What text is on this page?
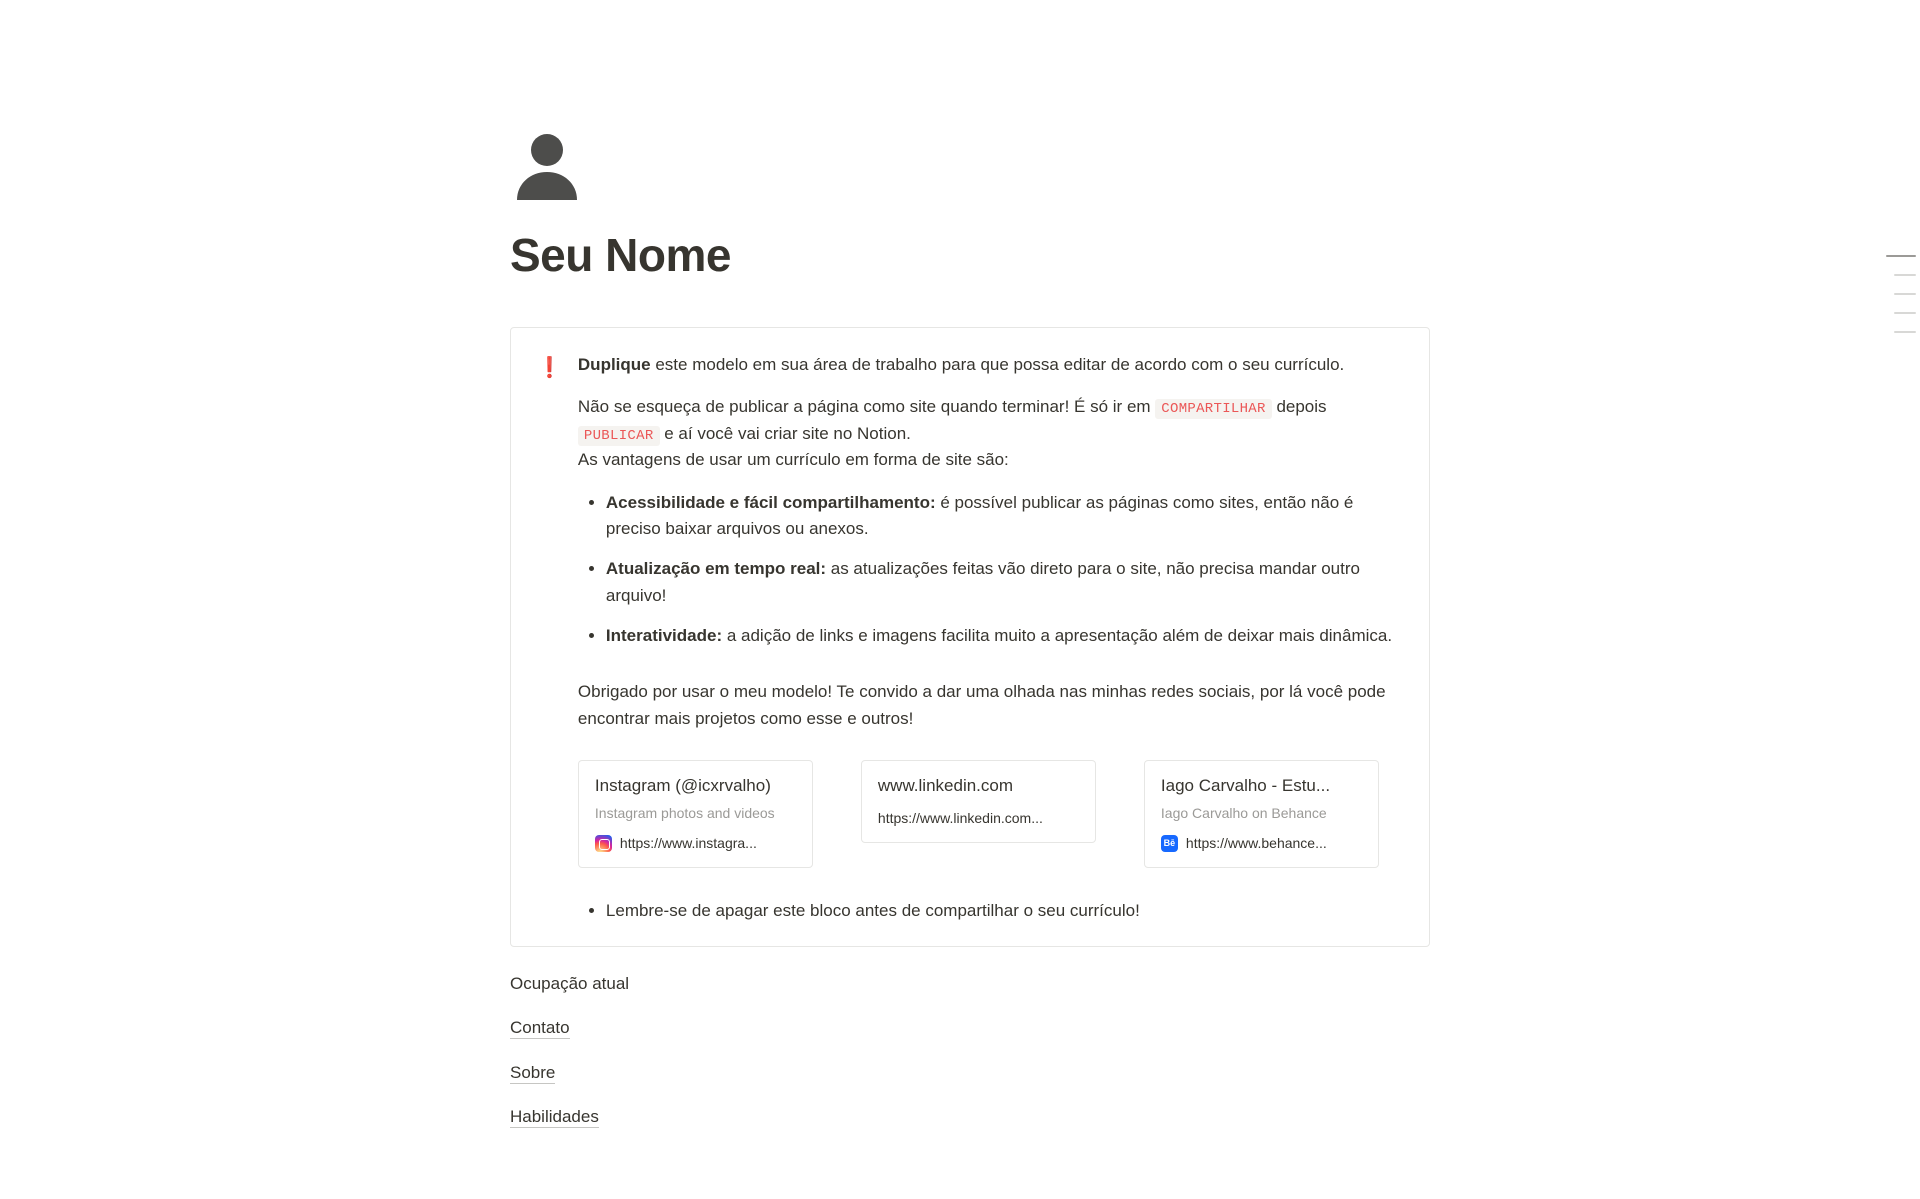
Seu Nome
❗ Duplique este modelo em sua área de trabalho para que possa editar de acordo com o seu currículo.

Não se esqueça de publicar a página como site quando terminar! É só ir em COMPARTILHAR depois PUBLICAR e aí você vai criar site no Notion.

As vantagens de usar um currículo em forma de site são:

• Acessibilidade e fácil compartilhamento: é possível publicar as páginas como sites, então não é preciso baixar arquivos ou anexos.
• Atualização em tempo real: as atualizações feitas vão direto para o site, não precisa mandar outro arquivo!
• Interatividade: a adição de links e imagens facilita muito a apresentação além de deixar mais dinâmica.

Obrigado por usar o meu modelo! Te convido a dar uma olhada nas minhas redes sociais, por lá você pode encontrar mais projetos como esse e outros!

Instagram (@icxrvalho)
Instagram photos and videos
https://www.instagra...
www.linkedin.com
https://www.linkedin.com...
Iago Carvalho - Estu...
Iago Carvalho on Behance
Bē https://www.behance...
• Lembre-se de apagar este bloco antes de compartilhar o seu currículo!
Ocupação atual
Contato
Sobre
Habilidades
